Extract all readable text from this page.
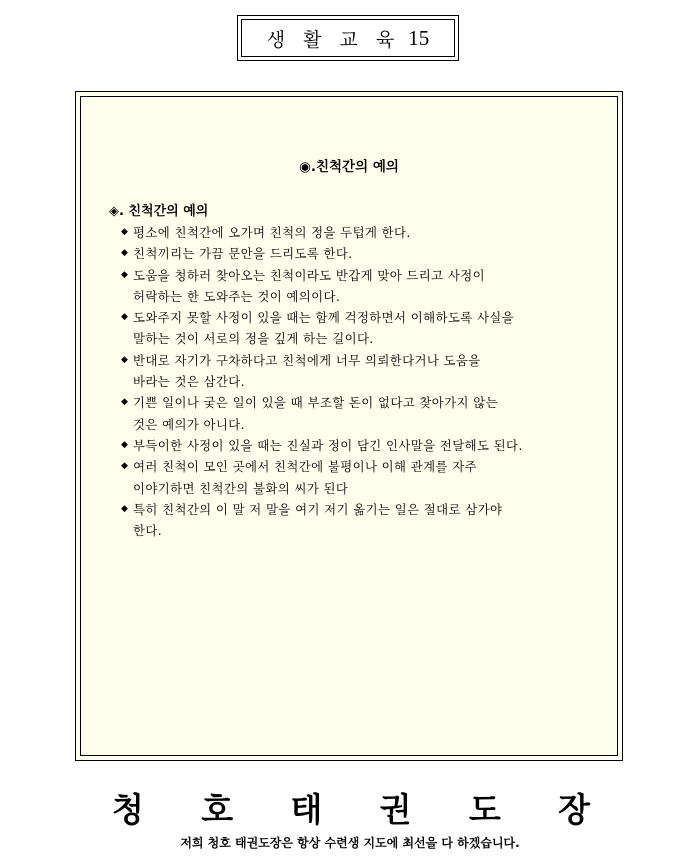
생 활 교 육 15
◉.친척간의 예의
◈. 친척간의 예의
◆ 평소에 친척간에 오가며 친척의 정을 두텁게 한다.
◆ 친척끼리는 가끔 문안을 드리도록 한다.
◆ 도움을 청하러 찾아오는 친척이라도 반갑게 맞아 드리고 사정이
허락하는 한 도와주는 것이 예의이다.
◆ 도와주지 못할 사정이 있을 때는 함께 걱정하면서 이해하도록 사실을
말하는 것이 서로의 정을 깊게 하는 길이다.
◆ 반대로 자기가 구차하다고 친척에게 너무 의뢰한다거나 도움을
바라는 것은 삼간다.
◆ 기쁜 일이나 궂은 일이 있을 때 부조할 돈이 없다고 찾아가지 않는
것은 예의가 아니다.
◆ 부득이한 사정이 있을 때는 진실과 정이 담긴 인사말을 전달해도 된다.
◆ 여러 친척이 모인 곳에서 친척간에 불평이나 이해 관계를 자주
이야기하면 친척간의 불화의 씨가 된다
◆ 특히 친척간의 이 말 저 말을 여기 저기 옮기는 일은 절대로 삼가야
한다.
청 호 태 권 도 장
저희 청호 태권도장은 항상 수련생 지도에 최선을 다 하겠습니다.
